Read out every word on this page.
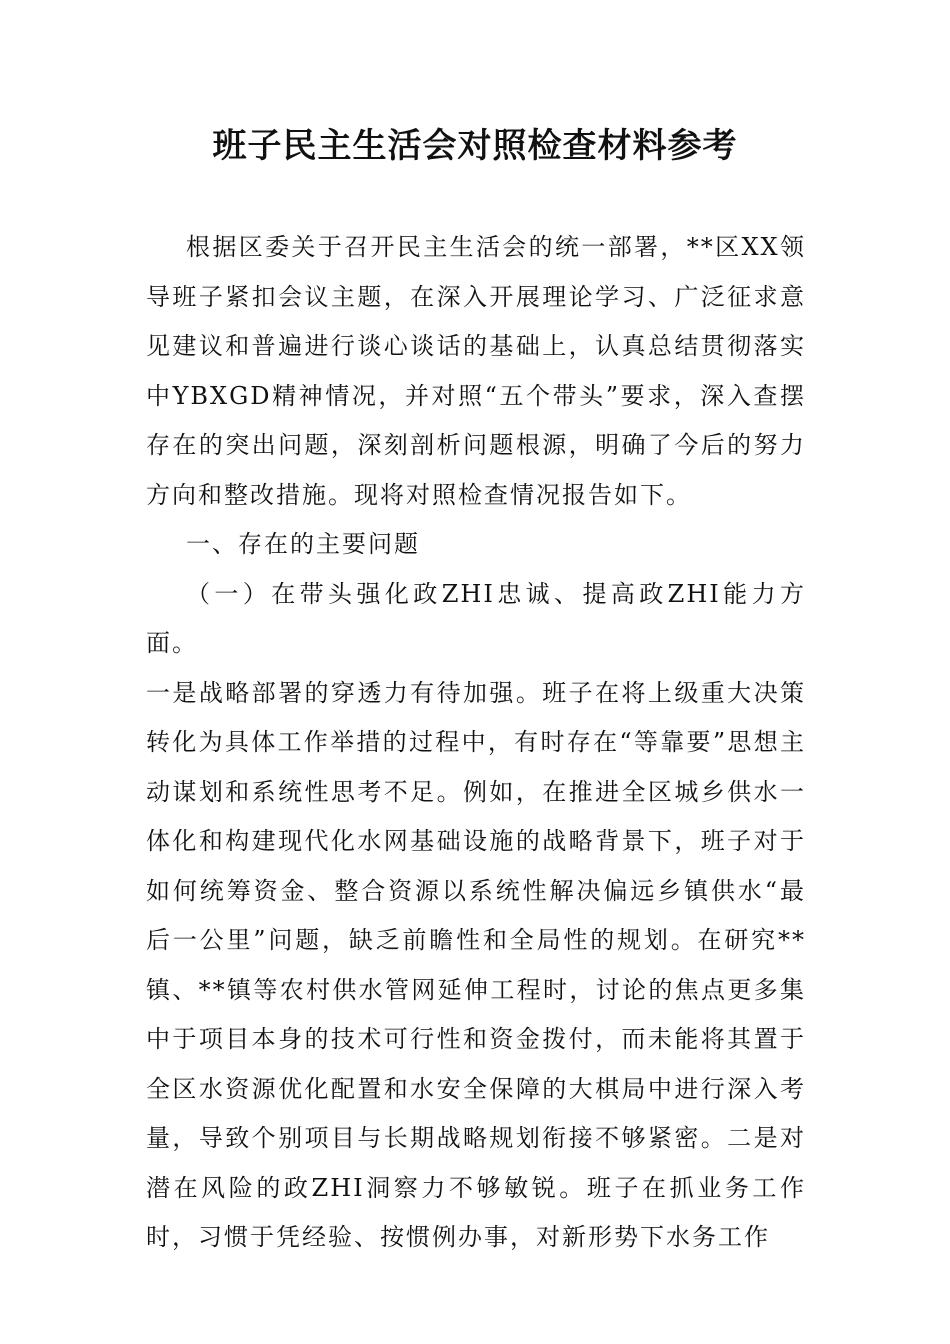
班子民主生活会对照检查材料参考

根据区委关于召开民主生活会的统一部署，**区XX领导班子紧扣会议主题，在深入开展理论学习、广泛征求意见建议和普遍进行谈心谈话的基础上，认真总结贯彻落实中YBXGD精神情况，并对照“五个带头”要求，深入查摆存在的突出问题，深刻剖析问题根源，明确了今后的努力方向和整改措施。现将对照检查情况报告如下。

一、存在的主要问题

（一）在带头强化政ZHI忠诚、提高政ZHI能力方面。

一是战略部署的穿透力有待加强。班子在将上级重大决策转化为具体工作举措的过程中，有时存在“等靠要”思想主动谋划和系统性思考不足。例如，在推进全区城乡供水一体化和构建现代化水网基础设施的战略背景下，班子对于如何统筹资金、整合资源以系统性解决偏远乡镇供水“最后一公里”问题，缺乏前瞻性和全局性的规划。在研究**镇、**镇等农村供水管网延伸工程时，讨论的焦点更多集中于项目本身的技术可行性和资金拨付，而未能将其置于全区水资源优化配置和水安全保障的大棋局中进行深入考量，导致个别项目与长期战略规划衔接不够紧密。二是对潜在风险的政ZHI洞察力不够敏锐。班子在抓业务工作时，习惯于凭经验、按惯例办事，对新形势下水务工作
